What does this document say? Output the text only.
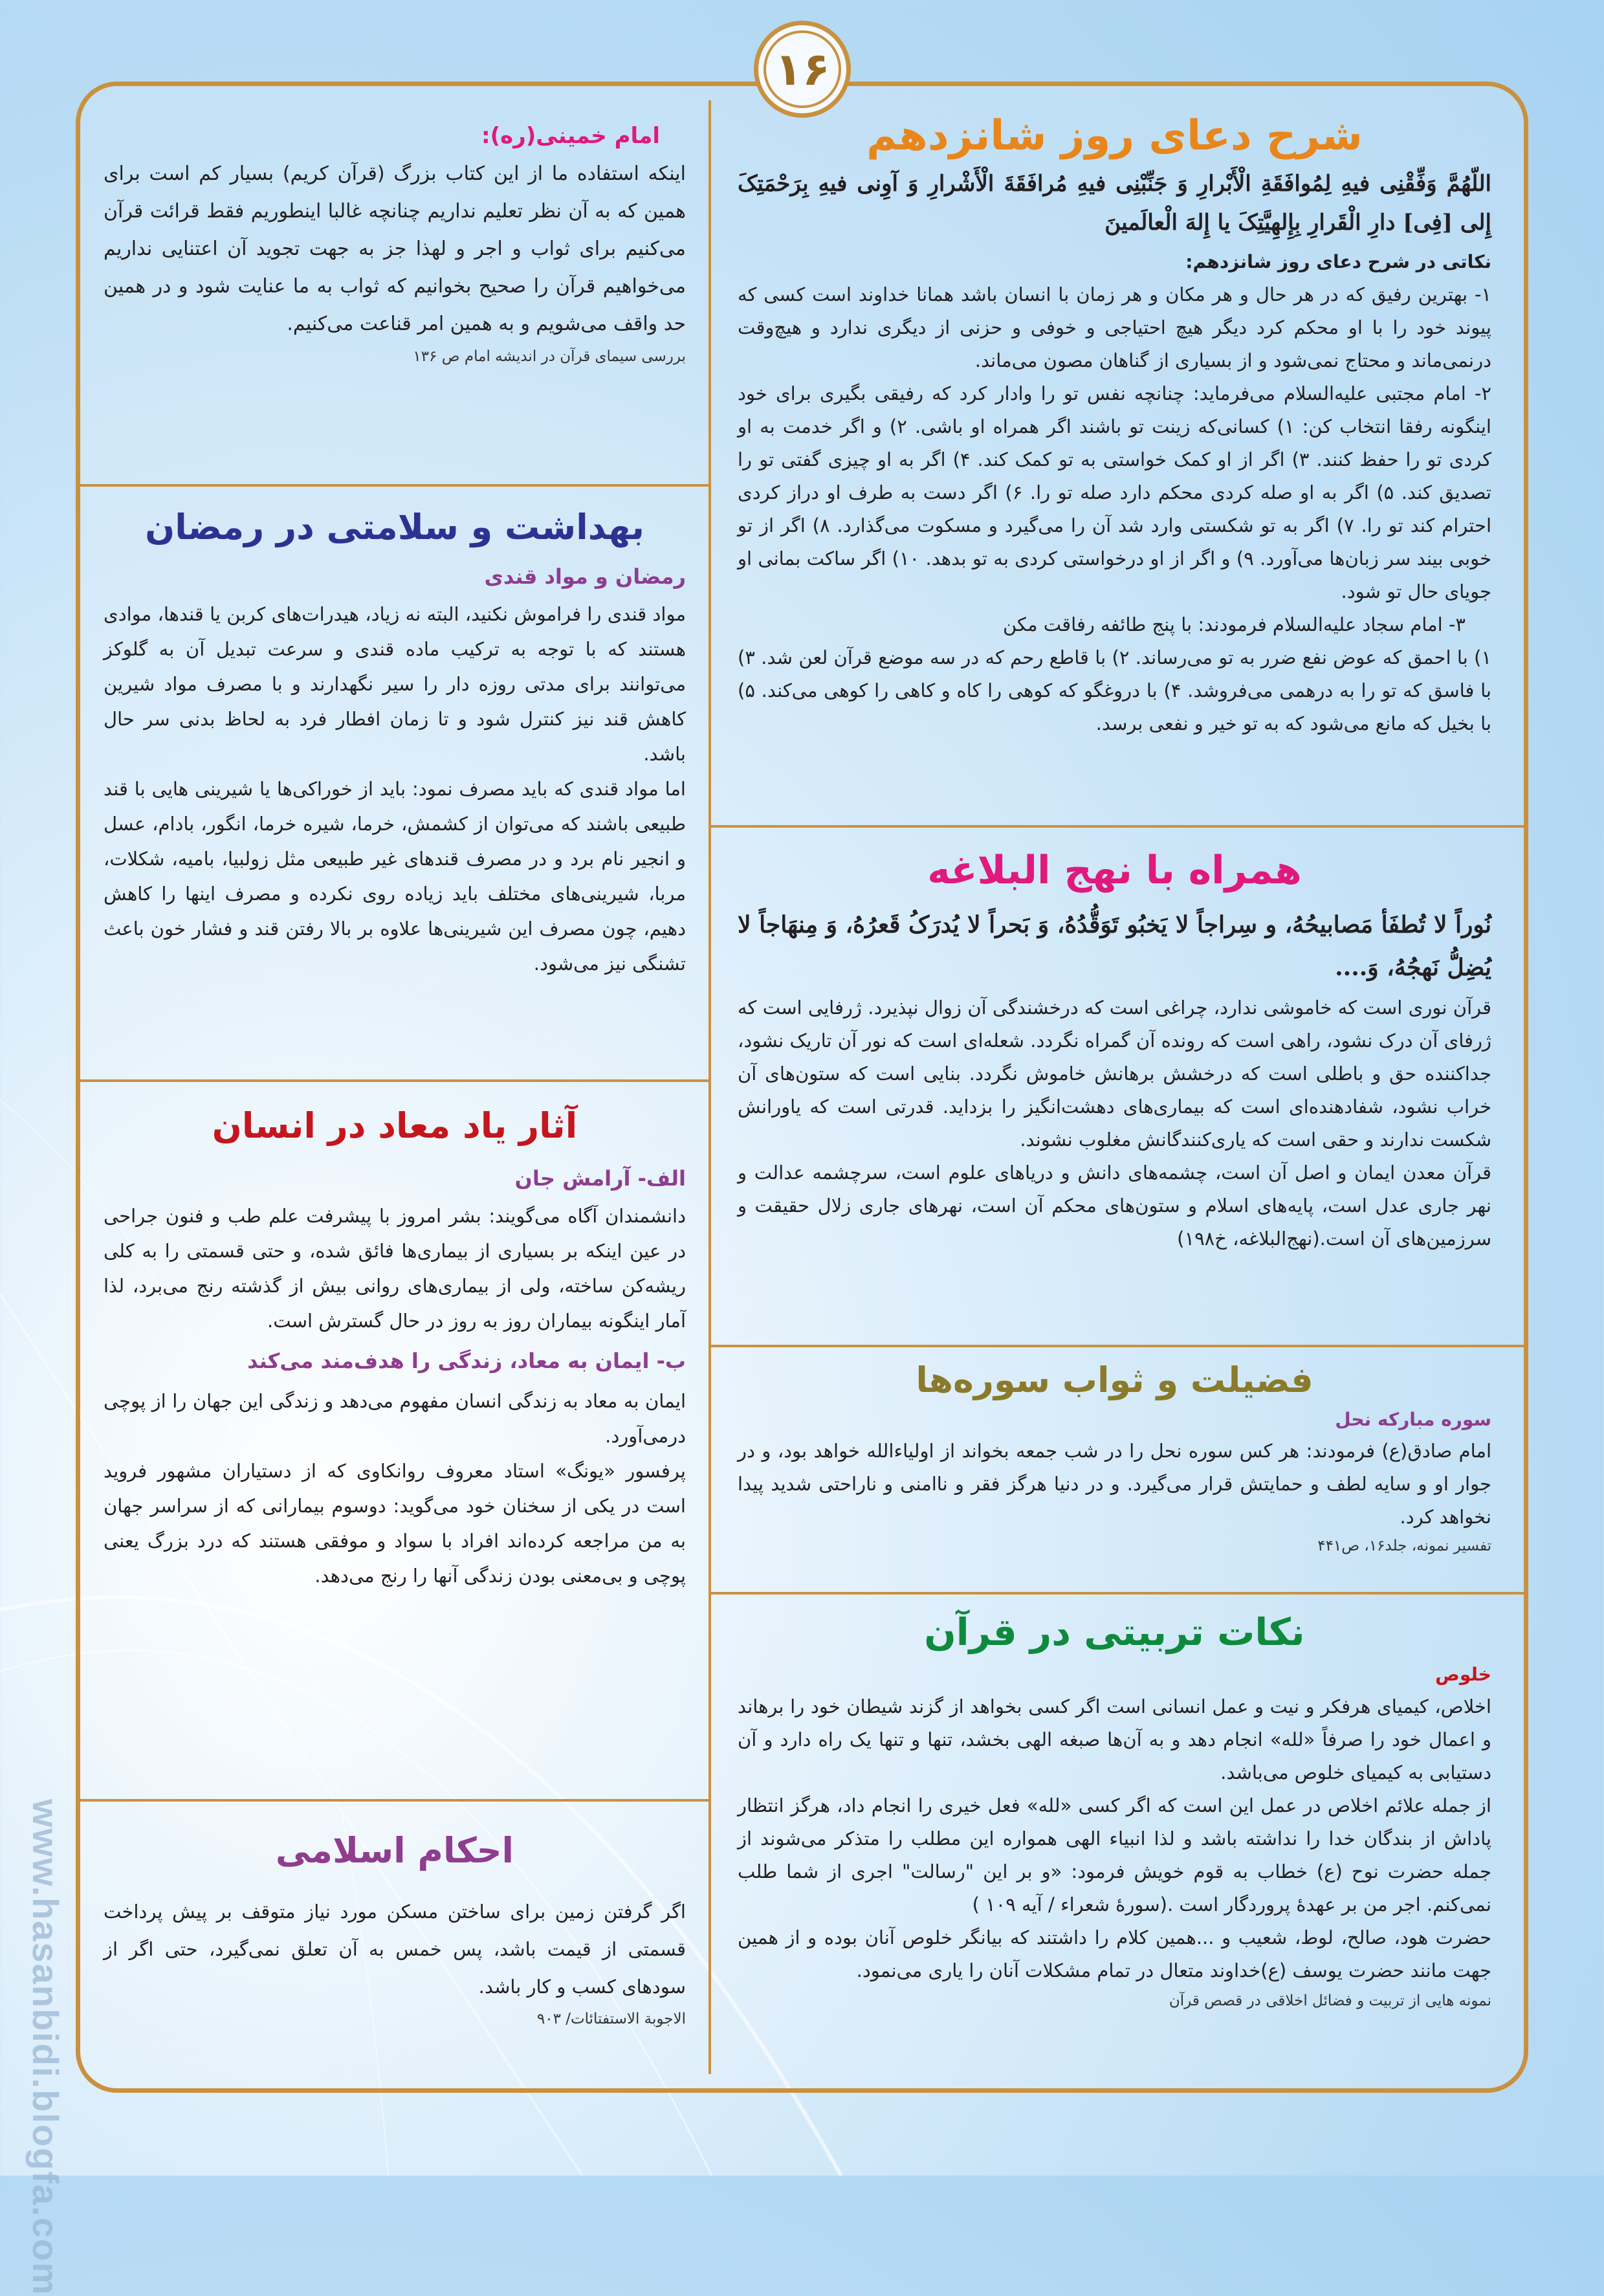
۱۶
شرح دعای روز شانزدهم

اللّهُمَّ وَفِّقْنِی فیهِ لِمُوافَقَةِ الْأَبْرارِ وَ جَنِّبْنِی فیهِ مُرافَقَةَ الْأَشْرارِ وَ آوِنی فیهِ بِرَحْمَتِکَ إِلی [فِی] دارِ الْقَرارِ بِإِلهِیَّتِکَ یا إِلهَ الْعالَمینَ

نکاتی در شرح دعای روز شانزدهم:

۱- بهترین رفیق که در هر حال و هر مکان و هر زمان با انسان باشد همانا خداوند است کسی که پیوند خود را با او محکم کرد دیگر هیچ احتیاجی و خوفی و حزنی از دیگری ندارد و هیچ‌وقت درنمی‌ماند و محتاج نمی‌شود و از بسیاری از گناهان مصون می‌ماند.

۲- امام مجتبی علیه‌السلام می‌فرماید: چنانچه نفس تو را وادار کرد که رفیقی بگیری برای خود اینگونه رفقا انتخاب کن: ۱) کسانی‌که زینت تو باشند اگر همراه او باشی. ۲) و اگر خدمت به او کردی تو را حفظ کنند. ۳) اگر از او کمک خواستی به تو کمک کند. ۴) اگر به او چیزی گفتی تو را تصدیق کند. ۵) اگر به او صله کردی محکم دارد صله تو را. ۶) اگر دست به طرف او دراز کردی احترام کند تو را. ۷) اگر به تو شکستی وارد شد آن را می‌گیرد و مسکوت می‌گذارد. ۸) اگر از تو خوبی بیند سر زبان‌ها می‌آورد. ۹) و اگر از او درخواستی کردی به تو بدهد. ۱۰) اگر ساکت بمانی او جویای حال تو شود.

۳- امام سجاد علیه‌السلام فرمودند: با پنج طائفه رفاقت مکن

۱) با احمق که عوض نفع ضرر به تو می‌رساند. ۲) با قاطع رحم که در سه موضع قرآن لعن شد. ۳) با فاسق که تو را به درهمی می‌فروشد. ۴) با دروغگو که کوهی را کاه و کاهی را کوهی می‌کند. ۵) با بخیل که مانع می‌شود که به تو خیر و نفعی برسد.

همراه با نهج البلاغه

نُوراً لا تُطفَأ مَصابیحُهُ، و سِراجاً لا یَخبُو تَوَقُّدُهُ، وَ بَحراً لا یُدرَکُ قَعرُهُ، وَ مِنهَاجاً لا یُضِلُّ نَهجُهُ، وَ....

قرآن نوری است که خاموشی ندارد، چراغی است که درخشندگی آن زوال نپذیرد. ژرفایی است که ژرفای آن درک نشود، راهی است که رونده آن گمراه نگردد. شعله‌ای است که نور آن تاریک نشود، جداکننده حق و باطلی است که درخشش برهانش خاموش نگردد. بنایی است که ستون‌های آن خراب نشود، شفادهنده‌ای است که بیماری‌های دهشت‌انگیز را بزداید. قدرتی است که یاورانش شکست ندارند و حقی است که یاری‌کنندگانش مغلوب نشوند.

قرآن معدن ایمان و اصل آن است، چشمه‌های دانش و دریاهای علوم است، سرچشمه عدالت و نهر جاری عدل است، پایه‌های اسلام و ستون‌های محکم آن است، نهرهای جاری زلال حقیقت و سرزمین‌های آن است.(نهج‌البلاغه، خ۱۹۸)

فضیلت و ثواب سوره‌ها

سوره مبارکه نحل

امام صادق(ع) فرمودند: هر کس سوره نحل را در شب جمعه بخواند از اولیاءالله خواهد بود، و در جوار او و سایه لطف و حمایتش قرار می‌گیرد. و در دنیا هرگز فقر و ناامنی و ناراحتی شدید پیدا نخواهد کرد.

تفسیر نمونه، جلد۱۶، ص۴۴۱

نکات تربیتی در قرآن

خلوص

اخلاص، کیمیای هرفکر و نیت و عمل انسانی است اگر کسی بخواهد از گزند شیطان خود را برهاند و اعمال خود را صرفاً «لله» انجام دهد و به آن‌ها صبغه الهی بخشد، تنها و تنها یک راه دارد و آن دستیابی به کیمیای خلوص می‌باشد.

از جمله علائم اخلاص در عمل این است که اگر کسی «لله» فعل خیری را انجام داد، هرگز انتظار پاداش از بندگان خدا را نداشته باشد و لذا انبیاء الهی همواره این مطلب را متذکر می‌شوند از جمله حضرت نوح (ع) خطاب به قوم خویش فرمود: «و بر این "رسالت" اجری از شما طلب نمی‌کنم. اجر من بر عهدهٔ پروردگار است .(سورهٔ شعراء / آیه ۱۰۹ )

حضرت هود، صالح، لوط، شعیب و ...همین کلام را داشتند که بیانگر خلوص آنان بوده و از همین جهت مانند حضرت یوسف (ع)خداوند متعال در تمام مشکلات آنان را یاری می‌نمود.

نمونه هایی از تربیت و فضائل اخلاقی در قصص قرآن

امام خمینی(ره):

اینکه استفاده ما از این کتاب بزرگ (قرآن کریم) بسیار کم است برای همین که به آن نظر تعلیم نداریم چنانچه غالبا اینطوریم فقط قرائت قرآن می‌کنیم برای ثواب و اجر و لهذا جز به جهت تجوید آن اعتنایی نداریم می‌خواهیم قرآن را صحیح بخوانیم که ثواب به ما عنایت شود و در همین حد واقف می‌شویم و به همین امر قناعت می‌کنیم.

بررسی سیمای قرآن در اندیشه امام ص ۱۳۶

بهداشت و سلامتی در رمضان

رمضان و مواد قندی

مواد قندی را فراموش نکنید، البته نه زیاد، هیدرات‌های کربن یا قندها، موادی هستند که با توجه به ترکیب ماده قندی و سرعت تبدیل آن به گلوکز می‌توانند برای مدتی روزه دار را سیر نگهدارند و با مصرف مواد شیرین کاهش قند نیز کنترل شود و تا زمان افطار فرد به لحاظ بدنی سر حال باشد.

اما مواد قندی که باید مصرف نمود: باید از خوراکی‌ها یا شیرینی هایی با قند طبیعی باشند که می‌توان از کشمش، خرما، شیره خرما، انگور، بادام، عسل و انجیر نام برد و در مصرف قندهای غیر طبیعی مثل زولبیا، بامیه، شکلات، مربا، شیرینی‌های مختلف باید زیاده روی نکرده و مصرف اینها را کاهش دهیم، چون مصرف این شیرینی‌ها علاوه بر بالا رفتن قند و فشار خون باعث تشنگی نیز می‌شود.

آثار یاد معاد در انسان

الف- آرامش جان

دانشمندان آگاه می‌گویند: بشر امروز با پیشرفت علم طب و فنون جراحی در عین اینکه بر بسیاری از بیماری‌ها فائق شده، و حتی قسمتی را به کلی ریشه‌کن ساخته، ولی از بیماری‌های روانی بیش از گذشته رنج می‌برد، لذا آمار اینگونه بیماران روز به روز در حال گسترش است.

ب- ایمان به معاد، زندگی را هدف‌مند می‌کند

ایمان به معاد به زندگی انسان مفهوم می‌دهد و زندگی این جهان را از پوچی درمی‌آورد.

پرفسور «یونگ» استاد معروف روانکاوی که از دستیاران مشهور فروید است در یکی از سخنان خود می‌گوید: دوسوم بیمارانی که از سراسر جهان به من مراجعه کرده‌اند افراد با سواد و موفقی هستند که درد بزرگ یعنی پوچی و بی‌معنی بودن زندگی آنها را رنج می‌دهد.

احکام اسلامی

اگر گرفتن زمین برای ساختن مسکن مورد نیاز متوقف بر پیش پرداخت قسمتی از قیمت باشد، پس خمس به آن تعلق نمی‌گیرد، حتی اگر از سودهای کسب و کار باشد.

الاجوبة الاستفتائات/ ۹۰۳

www.hasanbidi.blogfa.com
